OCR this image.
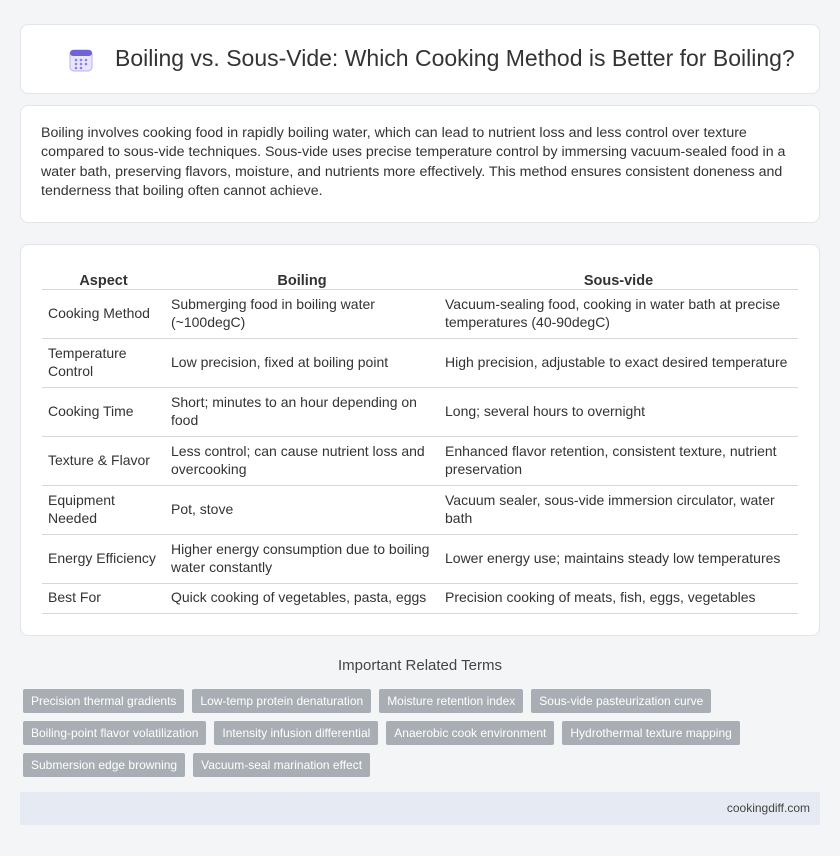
Boiling vs. Sous-Vide: Which Cooking Method is Better for Boiling?

Boiling involves cooking food in rapidly boiling water, which can lead to nutrient loss and less control over texture compared to sous-vide techniques. Sous-vide uses precise temperature control by immersing vacuum-sealed food in a water bath, preserving flavors, moisture, and nutrients more effectively. This method ensures consistent doneness and tenderness that boiling often cannot achieve.

Aspect	Boiling	Sous-vide
Cooking Method	Submerging food in boiling water (~100degC)	Vacuum-sealing food, cooking in water bath at precise temperatures (40-90degC)
Temperature Control	Low precision, fixed at boiling point	High precision, adjustable to exact desired temperature
Cooking Time	Short; minutes to an hour depending on food	Long; several hours to overnight
Texture & Flavor	Less control; can cause nutrient loss and overcooking	Enhanced flavor retention, consistent texture, nutrient preservation
Equipment Needed	Pot, stove	Vacuum sealer, sous-vide immersion circulator, water bath
Energy Efficiency	Higher energy consumption due to boiling water constantly	Lower energy use; maintains steady low temperatures
Best For	Quick cooking of vegetables, pasta, eggs	Precision cooking of meats, fish, eggs, vegetables
Important Related Terms
Precision thermal gradients	Low-temp protein denaturation	Moisture retention index	Sous-vide pasteurization curve
Boiling-point flavor volatilization	Intensity infusion differential	Anaerobic cook environment	Hydrothermal texture mapping
Submersion edge browning	Vacuum-seal marination effect
cookingdiff.com
